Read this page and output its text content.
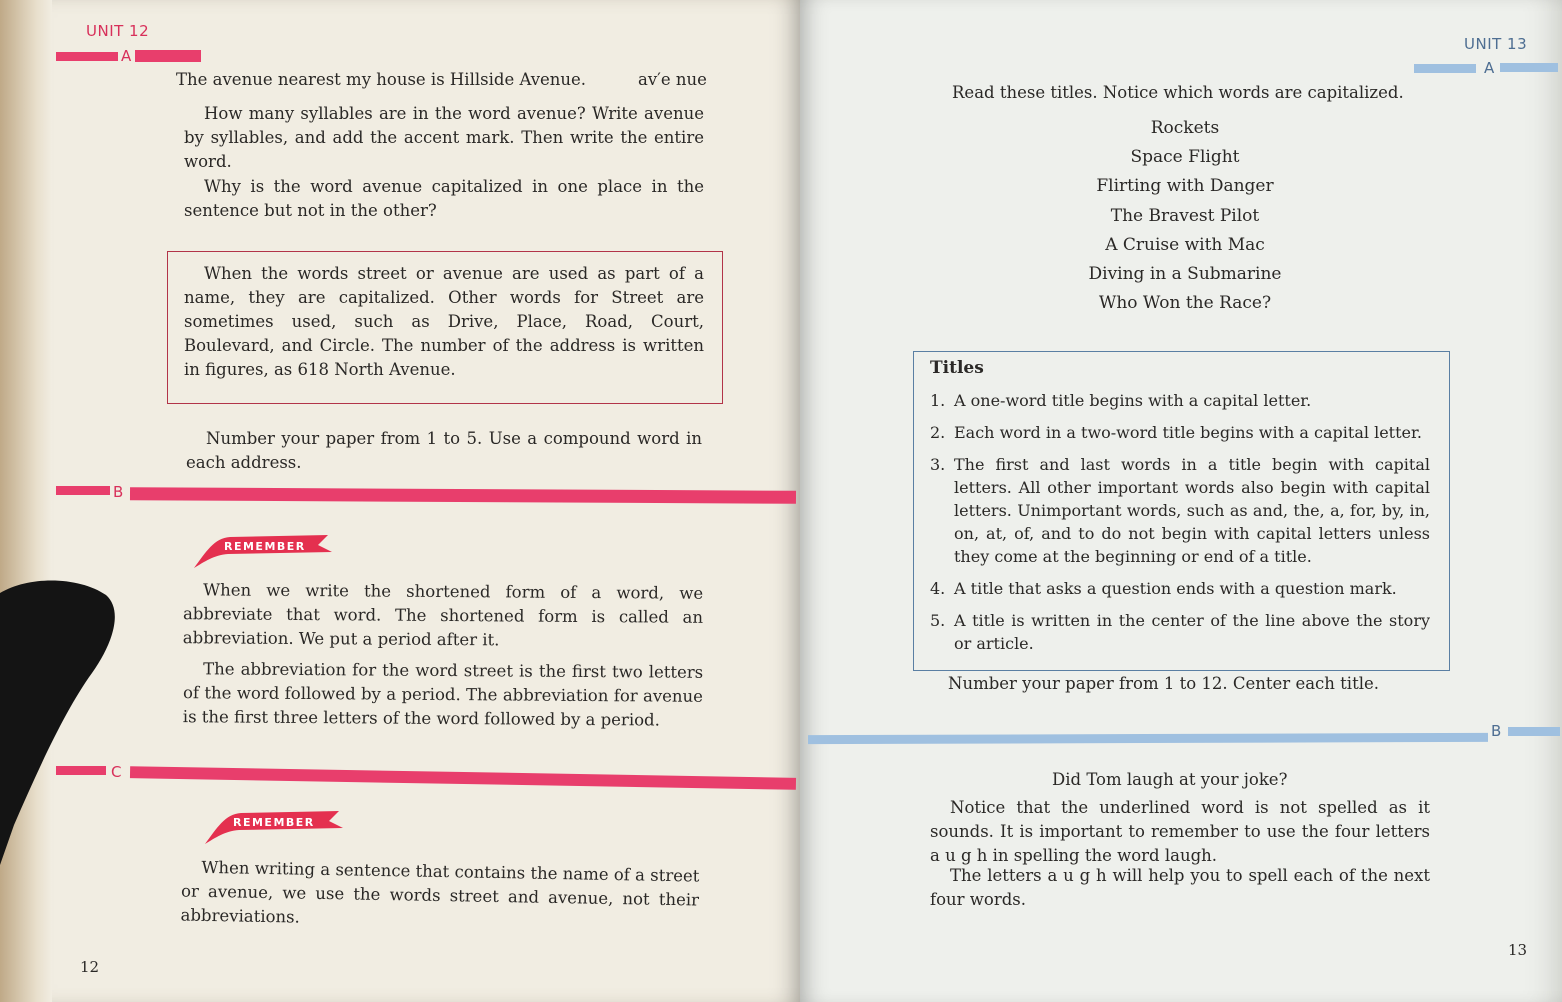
UNIT 12
A
The avenue nearest my house is Hillside Avenue.	av′e nue
How many syllables are in the word avenue? Write avenue by syllables, and add the accent mark. Then write the entire word.
Why is the word avenue capitalized in one place in the sentence but not in the other?
When the words street or avenue are used as part of a name, they are capitalized. Other words for Street are sometimes used, such as Drive, Place, Road, Court, Boulevard, and Circle. The number of the address is written in figures, as 618 North Avenue.
Number your paper from 1 to 5. Use a compound word in each address.
B
REMEMBER
When we write the shortened form of a word, we abbreviate that word. The shortened form is called an abbreviation. We put a period after it.
The abbreviation for the word street is the first two letters of the word followed by a period. The abbreviation for avenue is the first three letters of the word followed by a period.
C
REMEMBER
When writing a sentence that contains the name of a street or avenue, we use the words street and avenue, not their abbreviations.
12
UNIT 13
A
Read these titles. Notice which words are capitalized.
Rockets
Space Flight
Flirting with Danger
The Bravest Pilot
A Cruise with Mac
Diving in a Submarine
Who Won the Race?
Titles
1. A one-word title begins with a capital letter.
2. Each word in a two-word title begins with a capital letter.
3. The first and last words in a title begin with capital letters. All other important words also begin with capital letters. Unimportant words, such as and, the, a, for, by, in, on, at, of, and to do not begin with capital letters unless they come at the beginning or end of a title.
4. A title that asks a question ends with a question mark.
5. A title is written in the center of the line above the story or article.
Number your paper from 1 to 12. Center each title.
B
Did Tom laugh at your joke?
Notice that the underlined word is not spelled as it sounds. It is important to remember to use the four letters a u g h in spelling the word laugh.
The letters a u g h will help you to spell each of the next four words.
13
